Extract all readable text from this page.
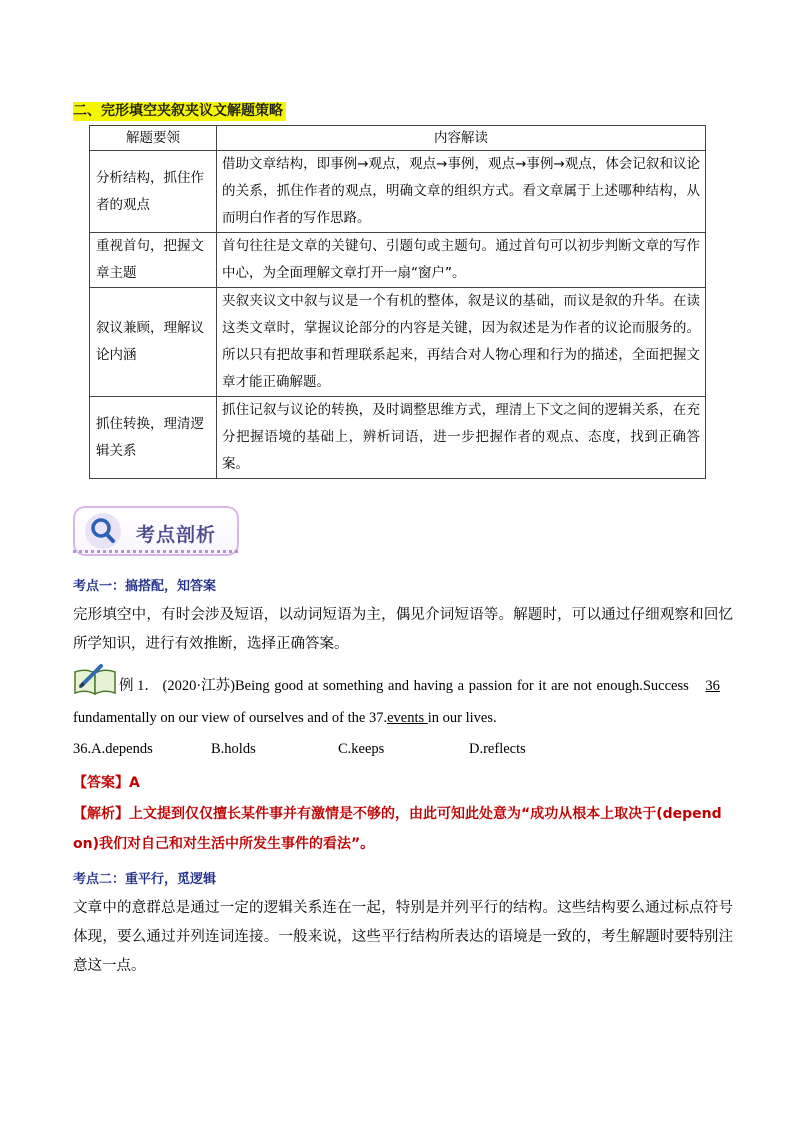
二、完形填空夹叙夹议文解题策略
解题要领	内容解读
分析结构，抓住作者的观点	借助文章结构，即事例→观点，观点→事例，观点→事例→观点，体会记叙和议论的关系，抓住作者的观点，明确文章的组织方式。看文章属于上述哪种结构，从而明白作者的写作思路。
重视首句，把握文章主题	首句往往是文章的关键句、引题句或主题句。通过首句可以初步判断文章的写作中心，为全面理解文章打开一扇“窗户”。
叙议兼顾，理解议论内涵	夹叙夹议文中叙与议是一个有机的整体，叙是议的基础，而议是叙的升华。在读这类文章时，掌握议论部分的内容是关键，因为叙述是为作者的议论而服务的。所以只有把故事和哲理联系起来，再结合对人物心理和行为的描述，全面把握文章才能正确解题。
抓住转换，理清逻辑关系	抓住记叙与议论的转换，及时调整思维方式，理清上下文之间的逻辑关系，在充分把握语境的基础上，辨析词语，进一步把握作者的观点、态度，找到正确答案。
考点剖析
考点一：搞搭配，知答案
完形填空中，有时会涉及短语，以动词短语为主，偶见介词短语等。解题时，可以通过仔细观察和回忆所学知识，进行有效推断，选择正确答案。
例 1． (2020·江苏)Being good at something and having a passion for it are not enough.Success 36
fundamentally on our view of ourselves and of the 37.events in our lives.
36.A.depends	B.holds	C.keeps	D.reflects
【答案】A
【解析】上文提到仅仅擅长某件事并有激情是不够的，由此可知此处意为“成功从根本上取决于(depend on)我们对自己和对生活中所发生事件的看法”。
考点二：重平行，觅逻辑
文章中的意群总是通过一定的逻辑关系连在一起，特别是并列平行的结构。这些结构要么通过标点符号体现，要么通过并列连词连接。一般来说，这些平行结构所表达的语境是一致的，考生解题时要特别注意这一点。
